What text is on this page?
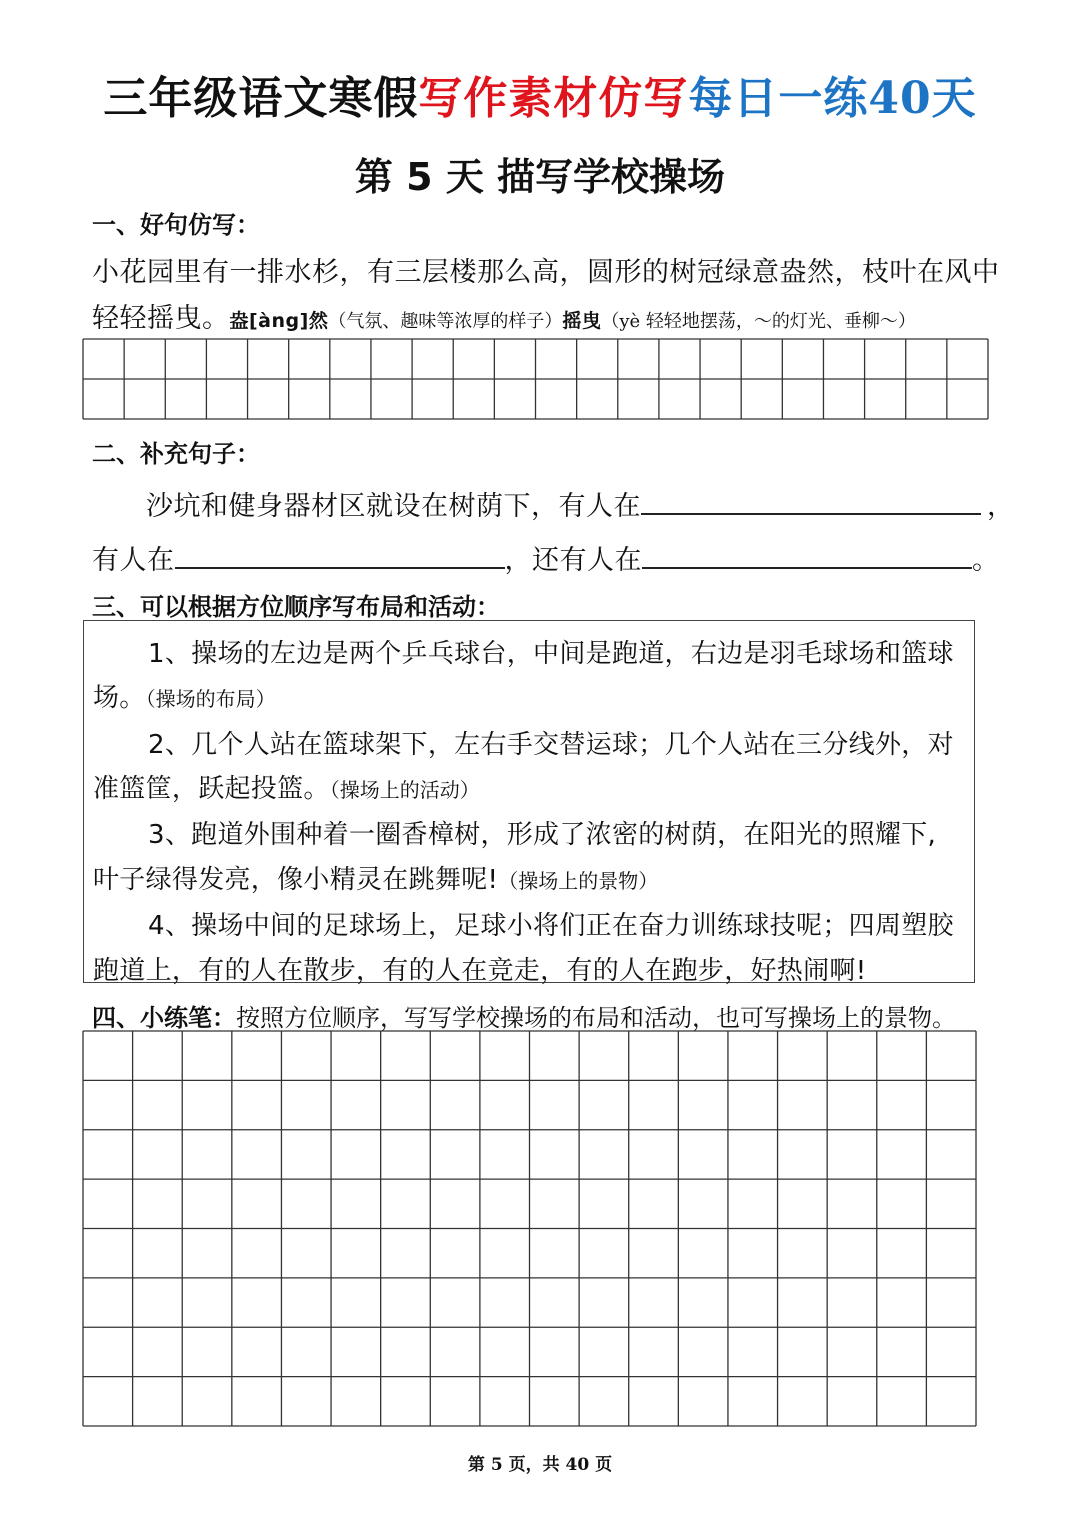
三年级语文寒假写作素材仿写每日一练40天
第 5 天 描写学校操场
一、好句仿写：
小花园里有一排水杉，有三层楼那么高，圆形的树冠绿意盎然，枝叶在风中
轻轻摇曳。盎[àng]然（气氛、趣味等浓厚的样子）摇曳（yè 轻轻地摆荡，～的灯光、垂柳～）
二、补充句子：
沙坑和健身器材区就设在树荫下，有人在	，
有人在	，还有人在	。
三、可以根据方位顺序写布局和活动：
1、操场的左边是两个乒乓球台，中间是跑道，右边是羽毛球场和篮球
场。（操场的布局）
2、几个人站在篮球架下，左右手交替运球；几个人站在三分线外，对
准篮筐，跃起投篮。（操场上的活动）
3、跑道外围种着一圈香樟树，形成了浓密的树荫，在阳光的照耀下,
叶子绿得发亮，像小精灵在跳舞呢!（操场上的景物）
4、操场中间的足球场上，足球小将们正在奋力训练球技呢；四周塑胶
跑道上，有的人在散步，有的人在竞走，有的人在跑步，好热闹啊!
四、小练笔：按照方位顺序，写写学校操场的布局和活动，也可写操场上的景物。
第 5 页，共 40 页
